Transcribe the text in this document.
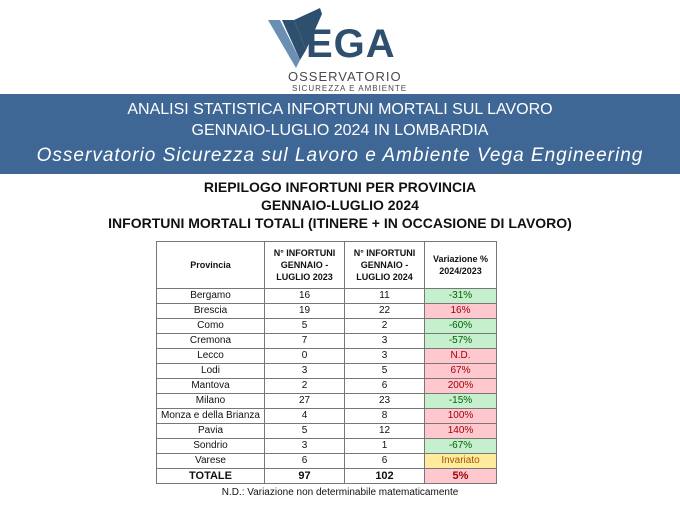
EGA
OSSERVATORIO
SICUREZZA E AMBIENTE
ANALISI STATISTICA INFORTUNI MORTALI SUL LAVORO
GENNAIO-LUGLIO 2024 IN LOMBARDIA
Osservatorio Sicurezza sul Lavoro e Ambiente Vega Engineering
RIEPILOGO INFORTUNI PER PROVINCIA
GENNAIO-LUGLIO 2024
INFORTUNI MORTALI TOTALI (ITINERE + IN OCCASIONE DI LAVORO)
Provincia	N° INFORTUNI GENNAIO - LUGLIO 2023	N° INFORTUNI GENNAIO - LUGLIO 2024	Variazione % 2024/2023
Bergamo	16	11	-31%
Brescia	19	22	16%
Como	5	2	-60%
Cremona	7	3	-57%
Lecco	0	3	N.D.
Lodi	3	5	67%
Mantova	2	6	200%
Milano	27	23	-15%
Monza e della Brianza	4	8	100%
Pavia	5	12	140%
Sondrio	3	1	-67%
Varese	6	6	Invariato
TOTALE	97	102	5%
N.D.: Variazione non determinabile matematicamente
